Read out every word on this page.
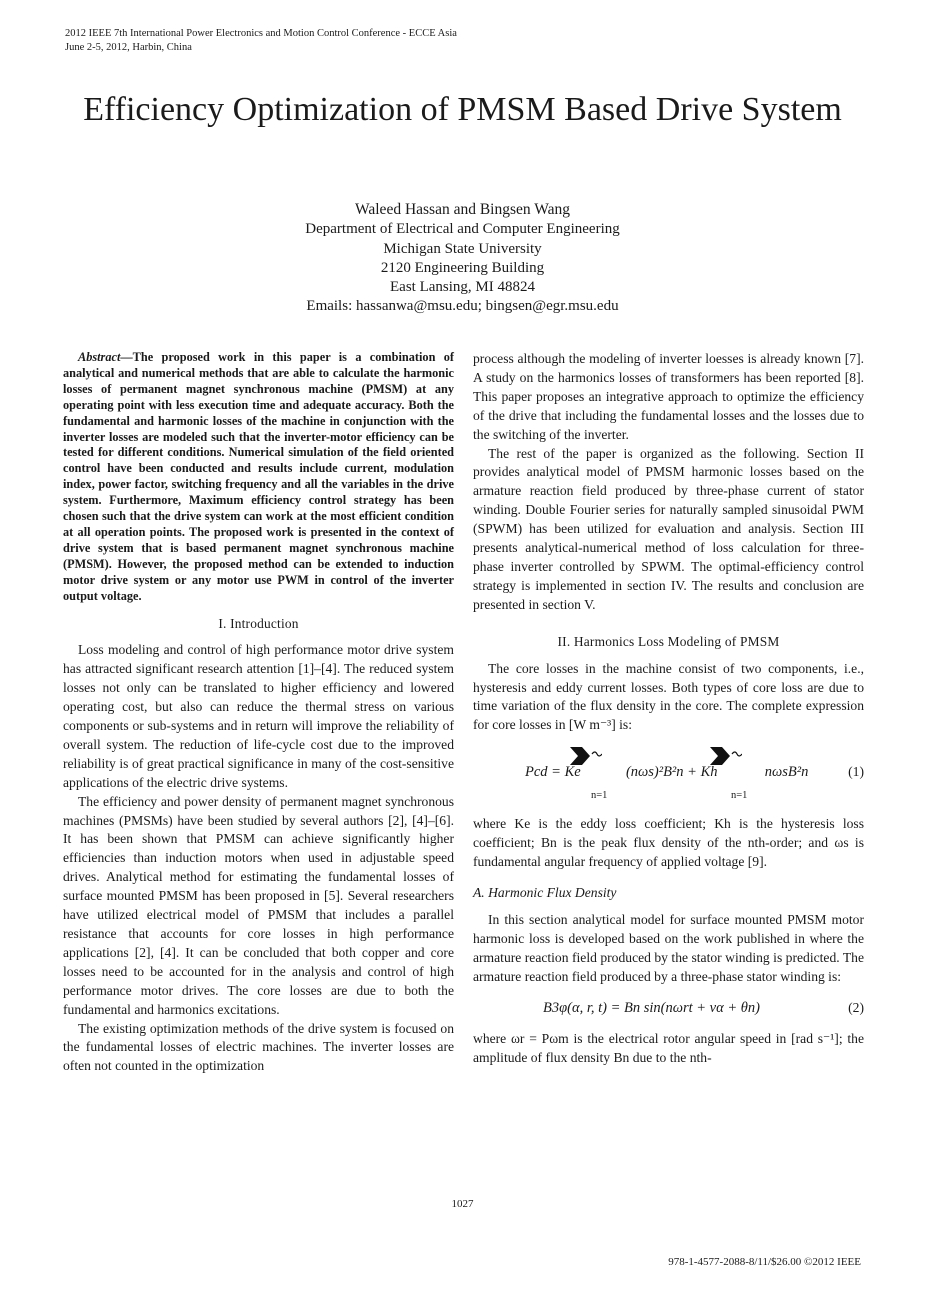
2012 IEEE 7th International Power Electronics and Motion Control Conference - ECCE Asia
June 2-5, 2012, Harbin, China
Efficiency Optimization of PMSM Based Drive System
Waleed Hassan and Bingsen Wang
Department of Electrical and Computer Engineering
Michigan State University
2120 Engineering Building
East Lansing, MI 48824
Emails: hassanwa@msu.edu; bingsen@egr.msu.edu

Abstract—The proposed work in this paper is a combination of analytical and numerical methods that are able to calculate the harmonic losses of permanent magnet synchronous machine (PMSM) at any operating point with less execution time and adequate accuracy. Both the fundamental and harmonic losses of the machine in conjunction with the inverter losses are modeled such that the inverter-motor efficiency can be tested for different conditions. Numerical simulation of the field oriented control have been conducted and results include current, modulation index, power factor, switching frequency and all the variables in the drive system. Furthermore, Maximum efficiency control strategy has been chosen such that the drive system can work at the most efficient condition at all operation points. The proposed work is presented in the context of drive system that is based permanent magnet synchronous machine (PMSM). However, the proposed method can be extended to induction motor drive system or any motor use PWM in control of the inverter output voltage.

I. Introduction

Loss modeling and control of high performance motor drive system has attracted significant research attention [1]–[4]. The reduced system losses not only can be translated to higher efficiency and lowered operating cost, but also can reduce the thermal stress on various components or sub-systems and in return will improve the reliability of overall system. The reduction of life-cycle cost due to the improved reliability is of great practical significance in many of the cost-sensitive applications of the electric drive systems.

The efficiency and power density of permanent magnet synchronous machines (PMSMs) have been studied by several authors [2], [4]–[6]. It has been shown that PMSM can achieve significantly higher efficiencies than induction motors when used in adjustable speed drives. Analytical method for estimating the fundamental losses of surface mounted PMSM has been proposed in [5]. Several researchers have utilized electrical model of PMSM that includes a parallel resistance that accounts for core losses in high performance applications [2], [4]. It can be concluded that both copper and core losses need to be accounted for in the analysis and control of high performance motor drives. The core losses are due to both the fundamental and harmonics excitations.

The existing optimization methods of the drive system is focused on the fundamental losses of electric machines. The inverter losses are often not counted in the optimization

process although the modeling of inverter loesses is already known [7]. A study on the harmonics losses of transformers has been reported [8]. This paper proposes an integrative approach to optimize the efficiency of the drive that including the fundamental losses and the losses due to the switching of the inverter.

The rest of the paper is organized as the following. Section II provides analytical model of PMSM harmonic losses based on the armature reaction field produced by three-phase current of stator winding. Double Fourier series for naturally sampled sinusoidal PWM (SPWM) has been utilized for evaluation and analysis. Section III presents analytical-numerical method of loss calculation for three-phase inverter controlled by SPWM. The optimal-efficiency control strategy is implemented in section IV. The results and conclusion are presented in section V.

II. Harmonics Loss Modeling of PMSM

The core losses in the machine consist of two components, i.e., hysteresis and eddy current losses. Both types of core loss are due to time variation of the flux density in the core. The complete expression for core losses in [W m⁻³] is:

Pcd = Ke	(nωs)²B²n + Kh	nωsB²n
n=1	n=1
(1)

where Ke is the eddy loss coefficient; Kh is the hysteresis loss coefficient; Bn is the peak flux density of the nth-order; and ωs is fundamental angular frequency of applied voltage [9].

A. Harmonic Flux Density

In this section analytical model for surface mounted PMSM motor harmonic loss is developed based on the work published in where the armature reaction field produced by the stator winding is predicted. The armature reaction field produced by a three-phase stator winding is:

B3φ(α, r, t) = Bn sin(nωrt + vα + θn)	(2)

where ωr = Pωm is the electrical rotor angular speed in [rad s⁻¹]; the amplitude of flux density Bn due to the nth-

1027
978-1-4577-2088-8/11/$26.00 ©2012 IEEE
